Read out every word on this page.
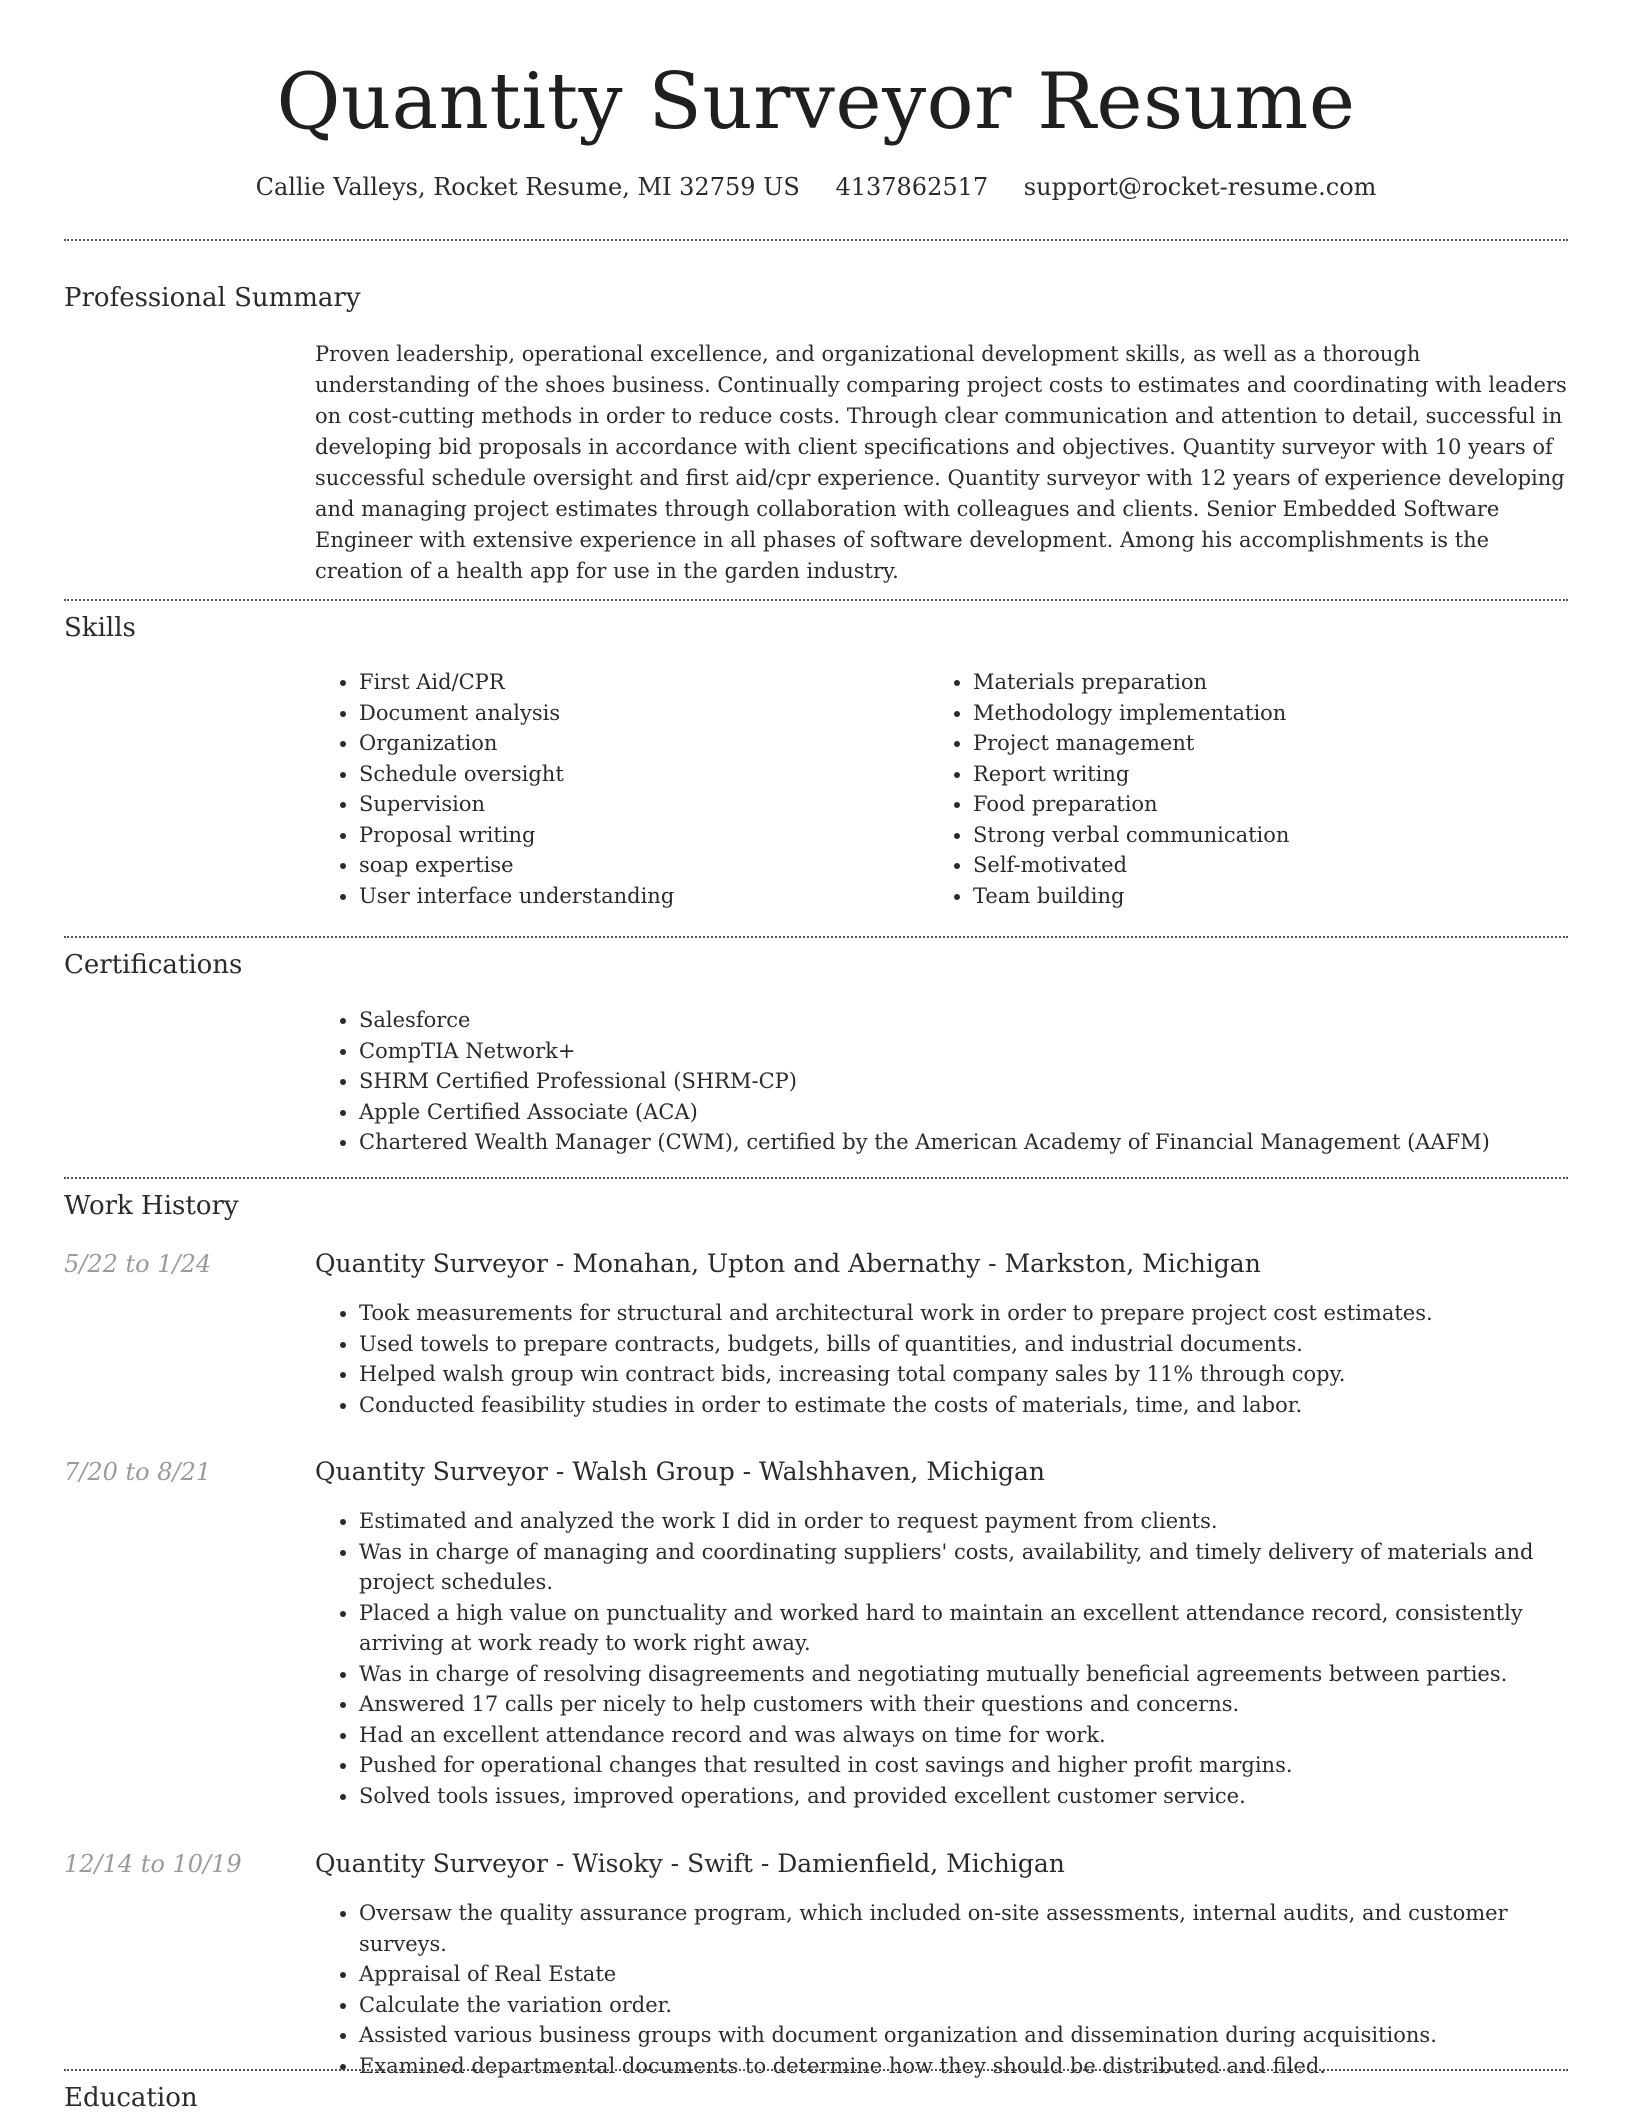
Quantity Surveyor Resume
Callie Valleys, Rocket Resume, MI 32759 US 4137862517 support@rocket-resume.com
Professional Summary

Proven leadership, operational excellence, and organizational development skills, as well as a thorough understanding of the shoes business. Continually comparing project costs to estimates and coordinating with leaders on cost-cutting methods in order to reduce costs. Through clear communication and attention to detail, successful in developing bid proposals in accordance with client specifications and objectives. Quantity surveyor with 10 years of successful schedule oversight and first aid/cpr experience. Quantity surveyor with 12 years of experience developing and managing project estimates through collaboration with colleagues and clients. Senior Embedded Software Engineer with extensive experience in all phases of software development. Among his accomplishments is the creation of a health app for use in the garden industry.

Skills
• First Aid/CPR
• Document analysis
• Organization
• Schedule oversight
• Supervision
• Proposal writing
• soap expertise
• User interface understanding
• Materials preparation
• Methodology implementation
• Project management
• Report writing
• Food preparation
• Strong verbal communication
• Self-motivated
• Team building
Certifications
• Salesforce
• CompTIA Network+
• SHRM Certified Professional (SHRM-CP)
• Apple Certified Associate (ACA)
• Chartered Wealth Manager (CWM), certified by the American Academy of Financial Management (AAFM)
Work History
5/22 to 1/24	Quantity Surveyor - Monahan, Upton and Abernathy - Markston, Michigan
• Took measurements for structural and architectural work in order to prepare project cost estimates.
• Used towels to prepare contracts, budgets, bills of quantities, and industrial documents.
• Helped walsh group win contract bids, increasing total company sales by 11% through copy.
• Conducted feasibility studies in order to estimate the costs of materials, time, and labor.
7/20 to 8/21	Quantity Surveyor - Walsh Group - Walshhaven, Michigan
• Estimated and analyzed the work I did in order to request payment from clients.
• Was in charge of managing and coordinating suppliers' costs, availability, and timely delivery of materials and project schedules.
• Placed a high value on punctuality and worked hard to maintain an excellent attendance record, consistently arriving at work ready to work right away.
• Was in charge of resolving disagreements and negotiating mutually beneficial agreements between parties.
• Answered 17 calls per nicely to help customers with their questions and concerns.
• Had an excellent attendance record and was always on time for work.
• Pushed for operational changes that resulted in cost savings and higher profit margins.
• Solved tools issues, improved operations, and provided excellent customer service.
12/14 to 10/19	Quantity Surveyor - Wisoky - Swift - Damienfield, Michigan
• Oversaw the quality assurance program, which included on-site assessments, internal audits, and customer surveys.
• Appraisal of Real Estate
• Calculate the variation order.
• Assisted various business groups with document organization and dissemination during acquisitions.
• Examined departmental documents to determine how they should be distributed and filed.
Education
